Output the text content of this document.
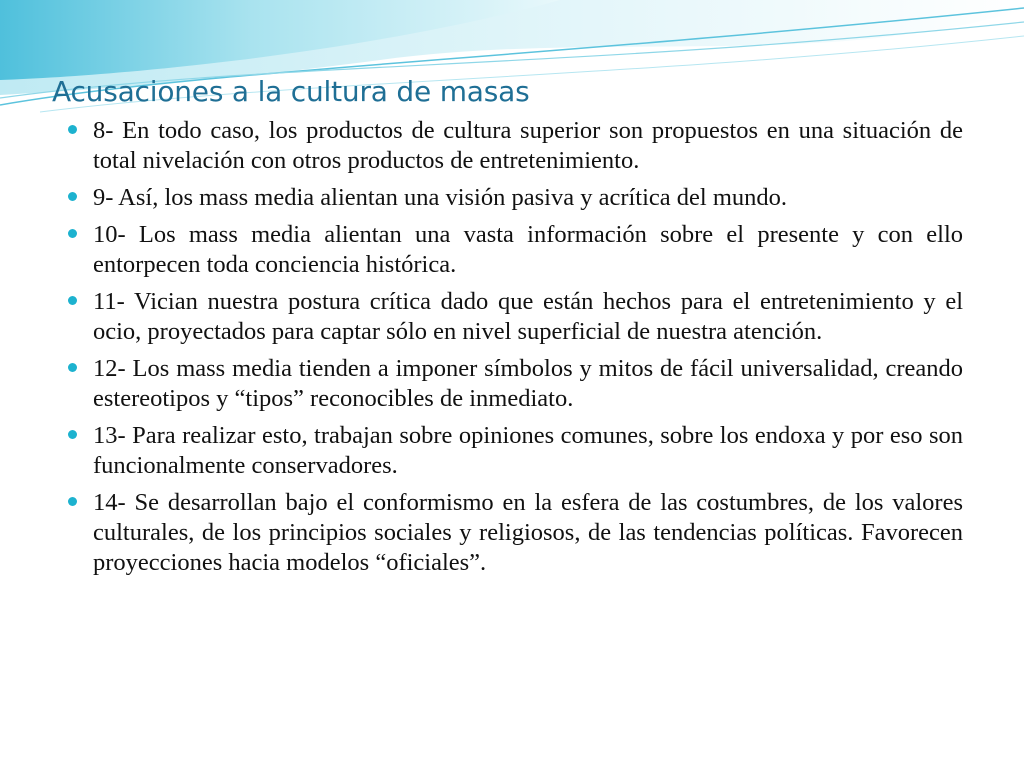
Acusaciones a la cultura de masas
8- En todo caso, los productos de cultura superior son propuestos en una situación de total nivelación con otros productos de entretenimiento.
9- Así, los mass media alientan una visión pasiva y acrítica del mundo.
10- Los mass media alientan una vasta información sobre el presente y con ello entorpecen toda conciencia histórica.
11- Vician nuestra postura crítica dado que están hechos para el entretenimiento y el ocio, proyectados para captar sólo en nivel superficial de nuestra atención.
12- Los mass media tienden a imponer símbolos y mitos de fácil universalidad, creando estereotipos y “tipos” reconocibles de inmediato.
13- Para realizar esto, trabajan sobre opiniones comunes, sobre los endoxa y por eso son funcionalmente conservadores.
14- Se desarrollan bajo el conformismo en la esfera de las costumbres, de los valores culturales, de los principios sociales y religiosos, de las tendencias políticas. Favorecen proyecciones hacia modelos “oficiales”.
